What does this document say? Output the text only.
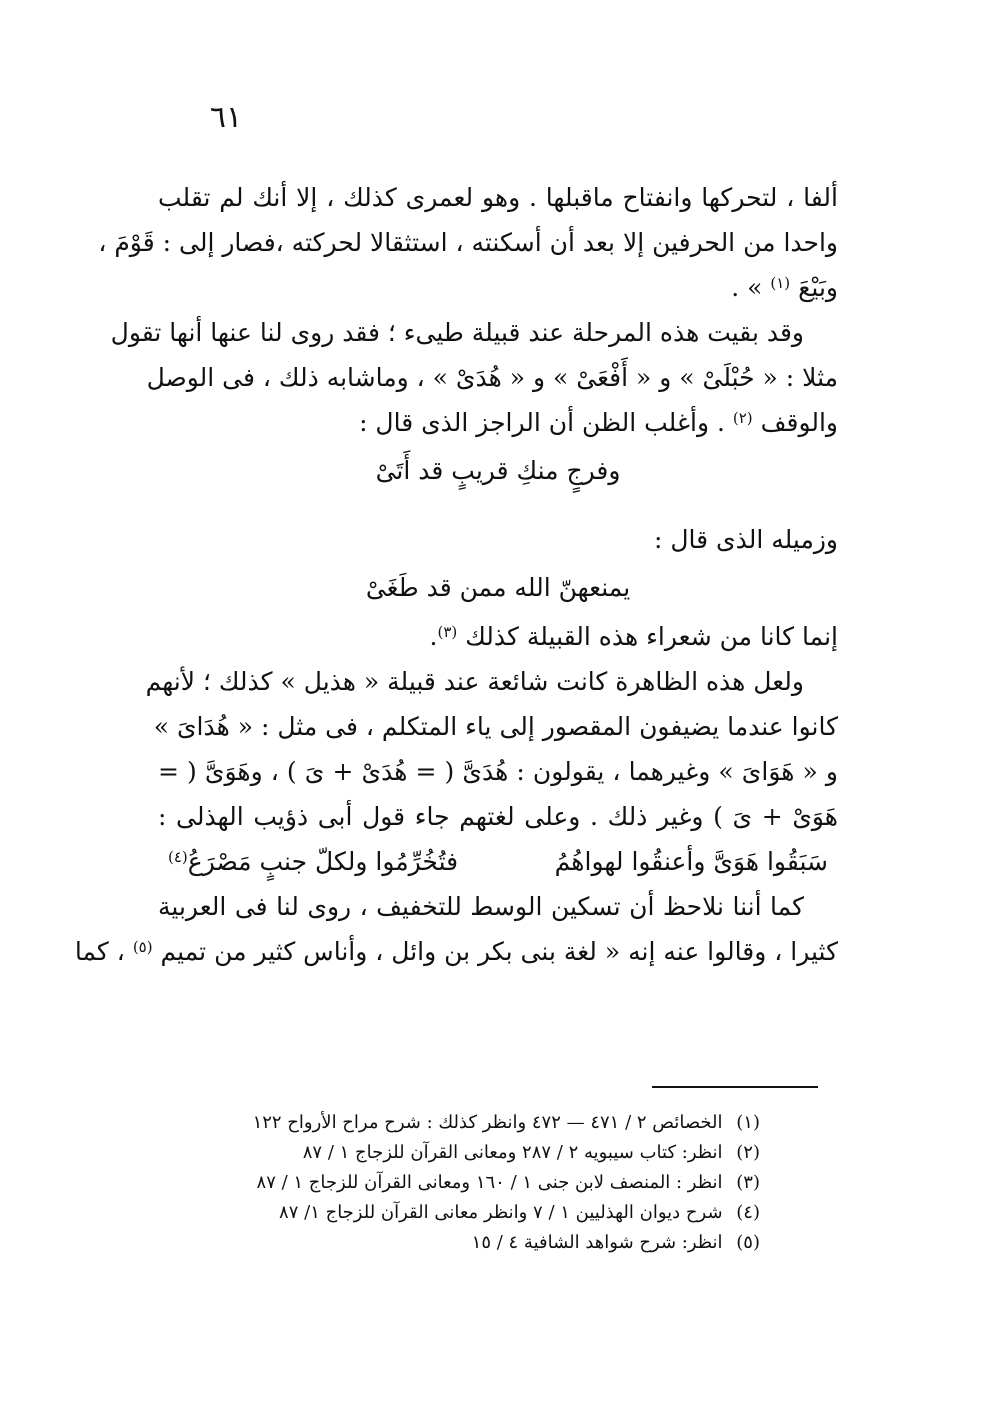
٦١
ألفا ، لتحركها وانفتاح ماقبلها . وهو لعمرى كذلك ، إلا أنك لم تقلب
واحدا من الحرفين إلا بعد أن أسكنته ، استثقالا لحركته ،فصار إلى : قَوْمَ ،
وبَيْعَ $^{(١)}$ » .
وقد بقيت هذه المرحلة عند قبيلة طيىء ؛ فقد روى لنا عنها أنها تقول
مثلا : « حُبْلَىْ » و « أَفْعَىْ » و « هُدَىْ » ، وماشابه ذلك ، فى الوصل
والوقف $^{(٢)}$ . وأغلب الظن أن الراجز الذى قال :
وفرجٍ منكِ قريبٍ قد أَتَىْ
وزميله الذى قال :
يمنعهنّ الله ممن قد طَغَىْ
إنما كانا من شعراء هذه القبيلة كذلك $^{(٣)}$.
ولعل هذه الظاهرة كانت شائعة عند قبيلة « هذيل » كذلك ؛ لأنهم
كانوا عندما يضيفون المقصور إلى ياء المتكلم ، فى مثل : « هُدَاىَ »
و « هَوَاىَ » وغيرهما ، يقولون : هُدَىَّ ( = هُدَىْ + ىَ ) ، وهَوَىَّ ( =
هَوَىْ + ىَ ) وغير ذلك . وعلى لغتهم جاء قول أبى ذؤيب الهذلى :
سَبَقُوا هَوَىَّ وأعنقُوا لهواهُمُ
فتُخُرِّمُوا ولكلّ جنبٍ مَصْرَعُ$^{(٤)}$
كما أننا نلاحظ أن تسكين الوسط للتخفيف ، روى لنا فى العربية
كثيرا ، وقالوا عنه إنه « لغة بنى بكر بن وائل ، وأناس كثير من تميم $^{(٥)}$ ، كما
(١) الخصائص ٢ / ٤٧١ — ٤٧٢ وانظر كذلك : شرح مراح الأرواح ١٢٢
(٢) انظر: كتاب سيبويه ٢ / ٢٨٧ ومعانى القرآن للزجاج ١ / ٨٧
(٣) انظر : المنصف لابن جنى ١ / ١٦٠ ومعانى القرآن للزجاج ١ / ٨٧
(٤) شرح ديوان الهذليين ١ / ٧ وانظر معانى القرآن للزجاج ١/ ٨٧
(٥) انظر: شرح شواهد الشافية ٤ / ١٥
